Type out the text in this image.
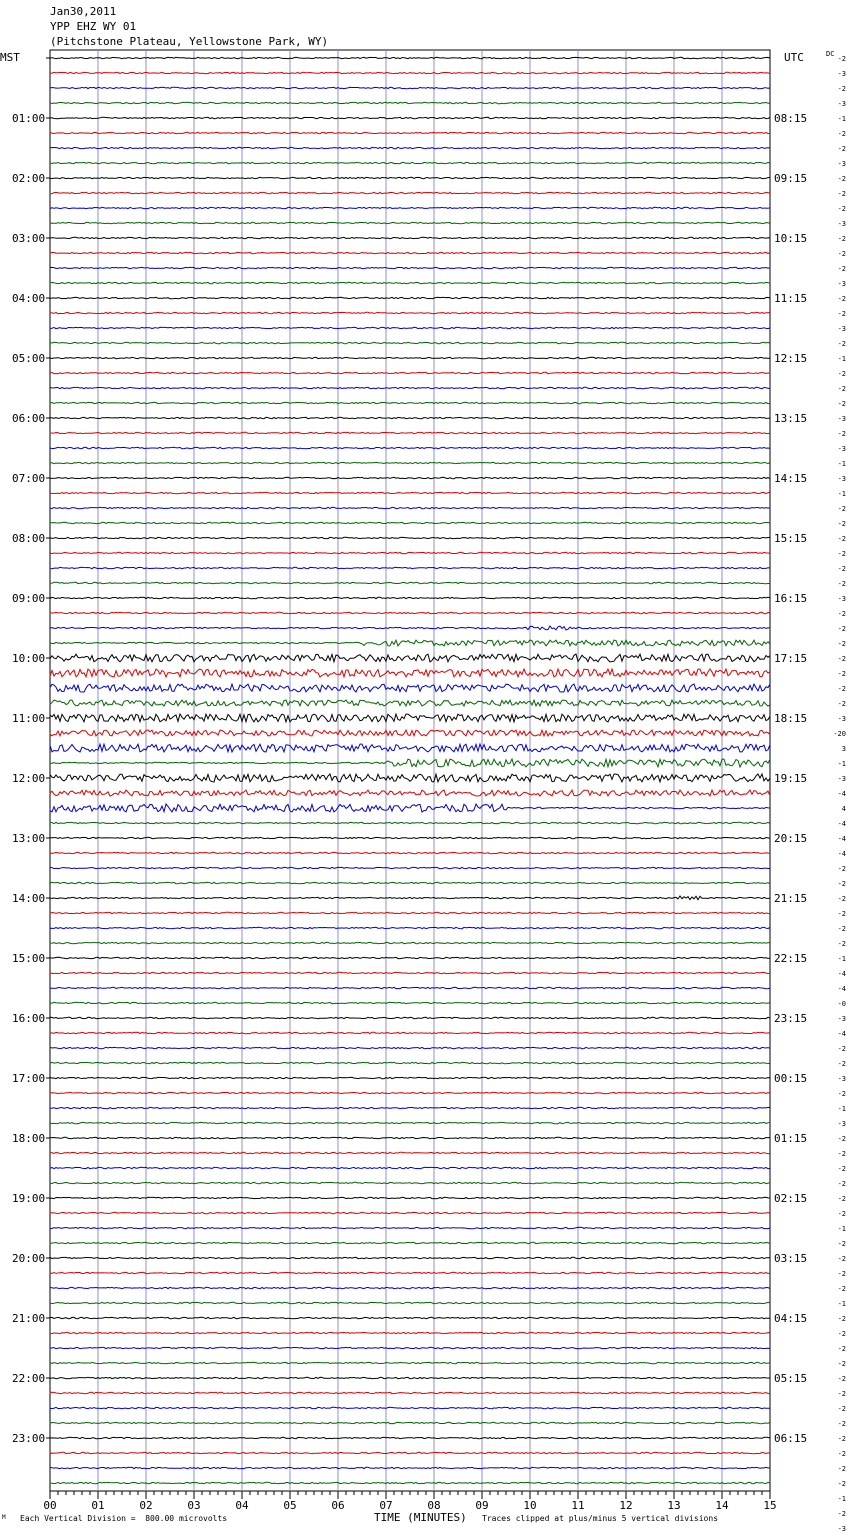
Jan30,2011
YPP EHZ WY 01
(Pitchstone Plateau, Yellowstone Park, WY)
MST	UTC	DC
01:00	08:15
02:00	09:15
03:00	10:15
04:00	11:15
05:00	12:15
06:00	13:15
07:00	14:15
08:00	15:15
09:00	16:15
10:00	17:15
11:00	18:15
12:00	19:15
13:00	20:15
14:00	21:15
15:00	22:15
16:00	23:15
17:00	00:15
18:00	01:15
19:00	02:15
20:00	03:15
21:00	04:15
22:00	05:15
23:00	06:15
-2
-3
-2
-3
-1
-2
-2
-3
-2
-2
-2
-3
-2
-2
-2
-3
-2
-2
-3
-2
-1
-2
-2
-2
-3
-2
-3
-1
-3
-1
-2
-2
-2
-2
-2
-2
-3
-2
-2
-2
-2
-2
-2
-2
-3
-20
3
-1
-3
-4
4
-4
-4
-4
-2
-2
-2
-2
-2
-2
-1
-4
-4
-0
-3
-4
-2
-2
-3
-2
-1
-3
-2
-2
-2
-2
-2
-2
-1
-2
-2
-2
-2
-1
-2
-2
-2
-2
-2
-2
-2
-2
-2
-2
-2
-2
-1
-2
-3
00	01	02	03	04	05	06	07	08	09	10	11	12	13	14	15
M Each Vertical Division =  800.00 microvolts	TIME (MINUTES) Traces clipped at plus/minus 5 vertical divisions
